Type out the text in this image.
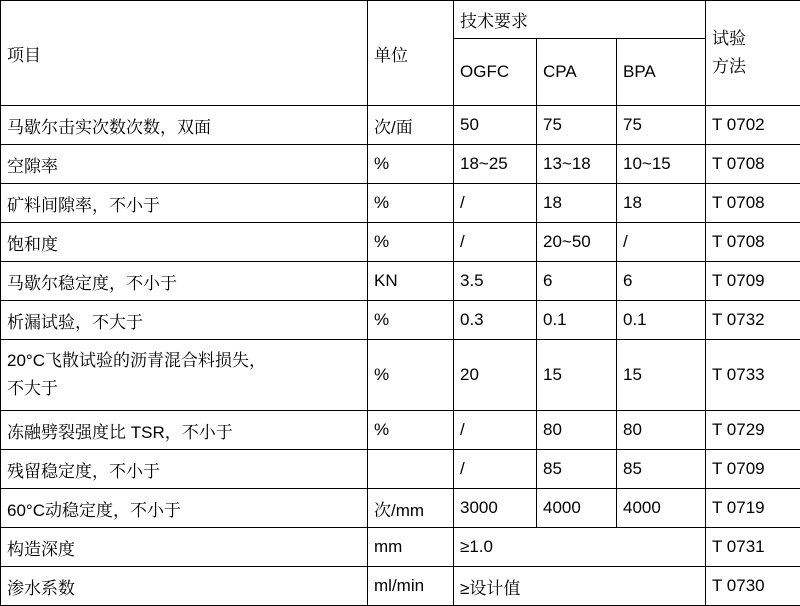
项目	单位	技术要求			试验
方法
		OGFC	CPA	BPA	
马歇尔击实次数次数，双面	次/面	50	75	75	T 0702
空隙率	%	18~25	13~18	10~15	T 0708
矿料间隙率，不小于	%	/	18	18	T 0708
饱和度	%	/	20~50	/	T 0708
马歇尔稳定度，不小于	KN	3.5	6	6	T 0709
析漏试验，不大于	%	0.3	0.1	0.1	T 0732
20°C飞散试验的沥青混合料损失，
不大于	%	20	15	15	T 0733
冻融劈裂强度比 TSR，不小于	%	/	80	80	T 0729
残留稳定度，不小于		/	85	85	T 0709
60°C动稳定度，不小于	次/mm	3000	4000	4000	T 0719
构造深度	mm	≥1.0			T 0731
渗水系数	ml/min	≥设计值			T 0730
